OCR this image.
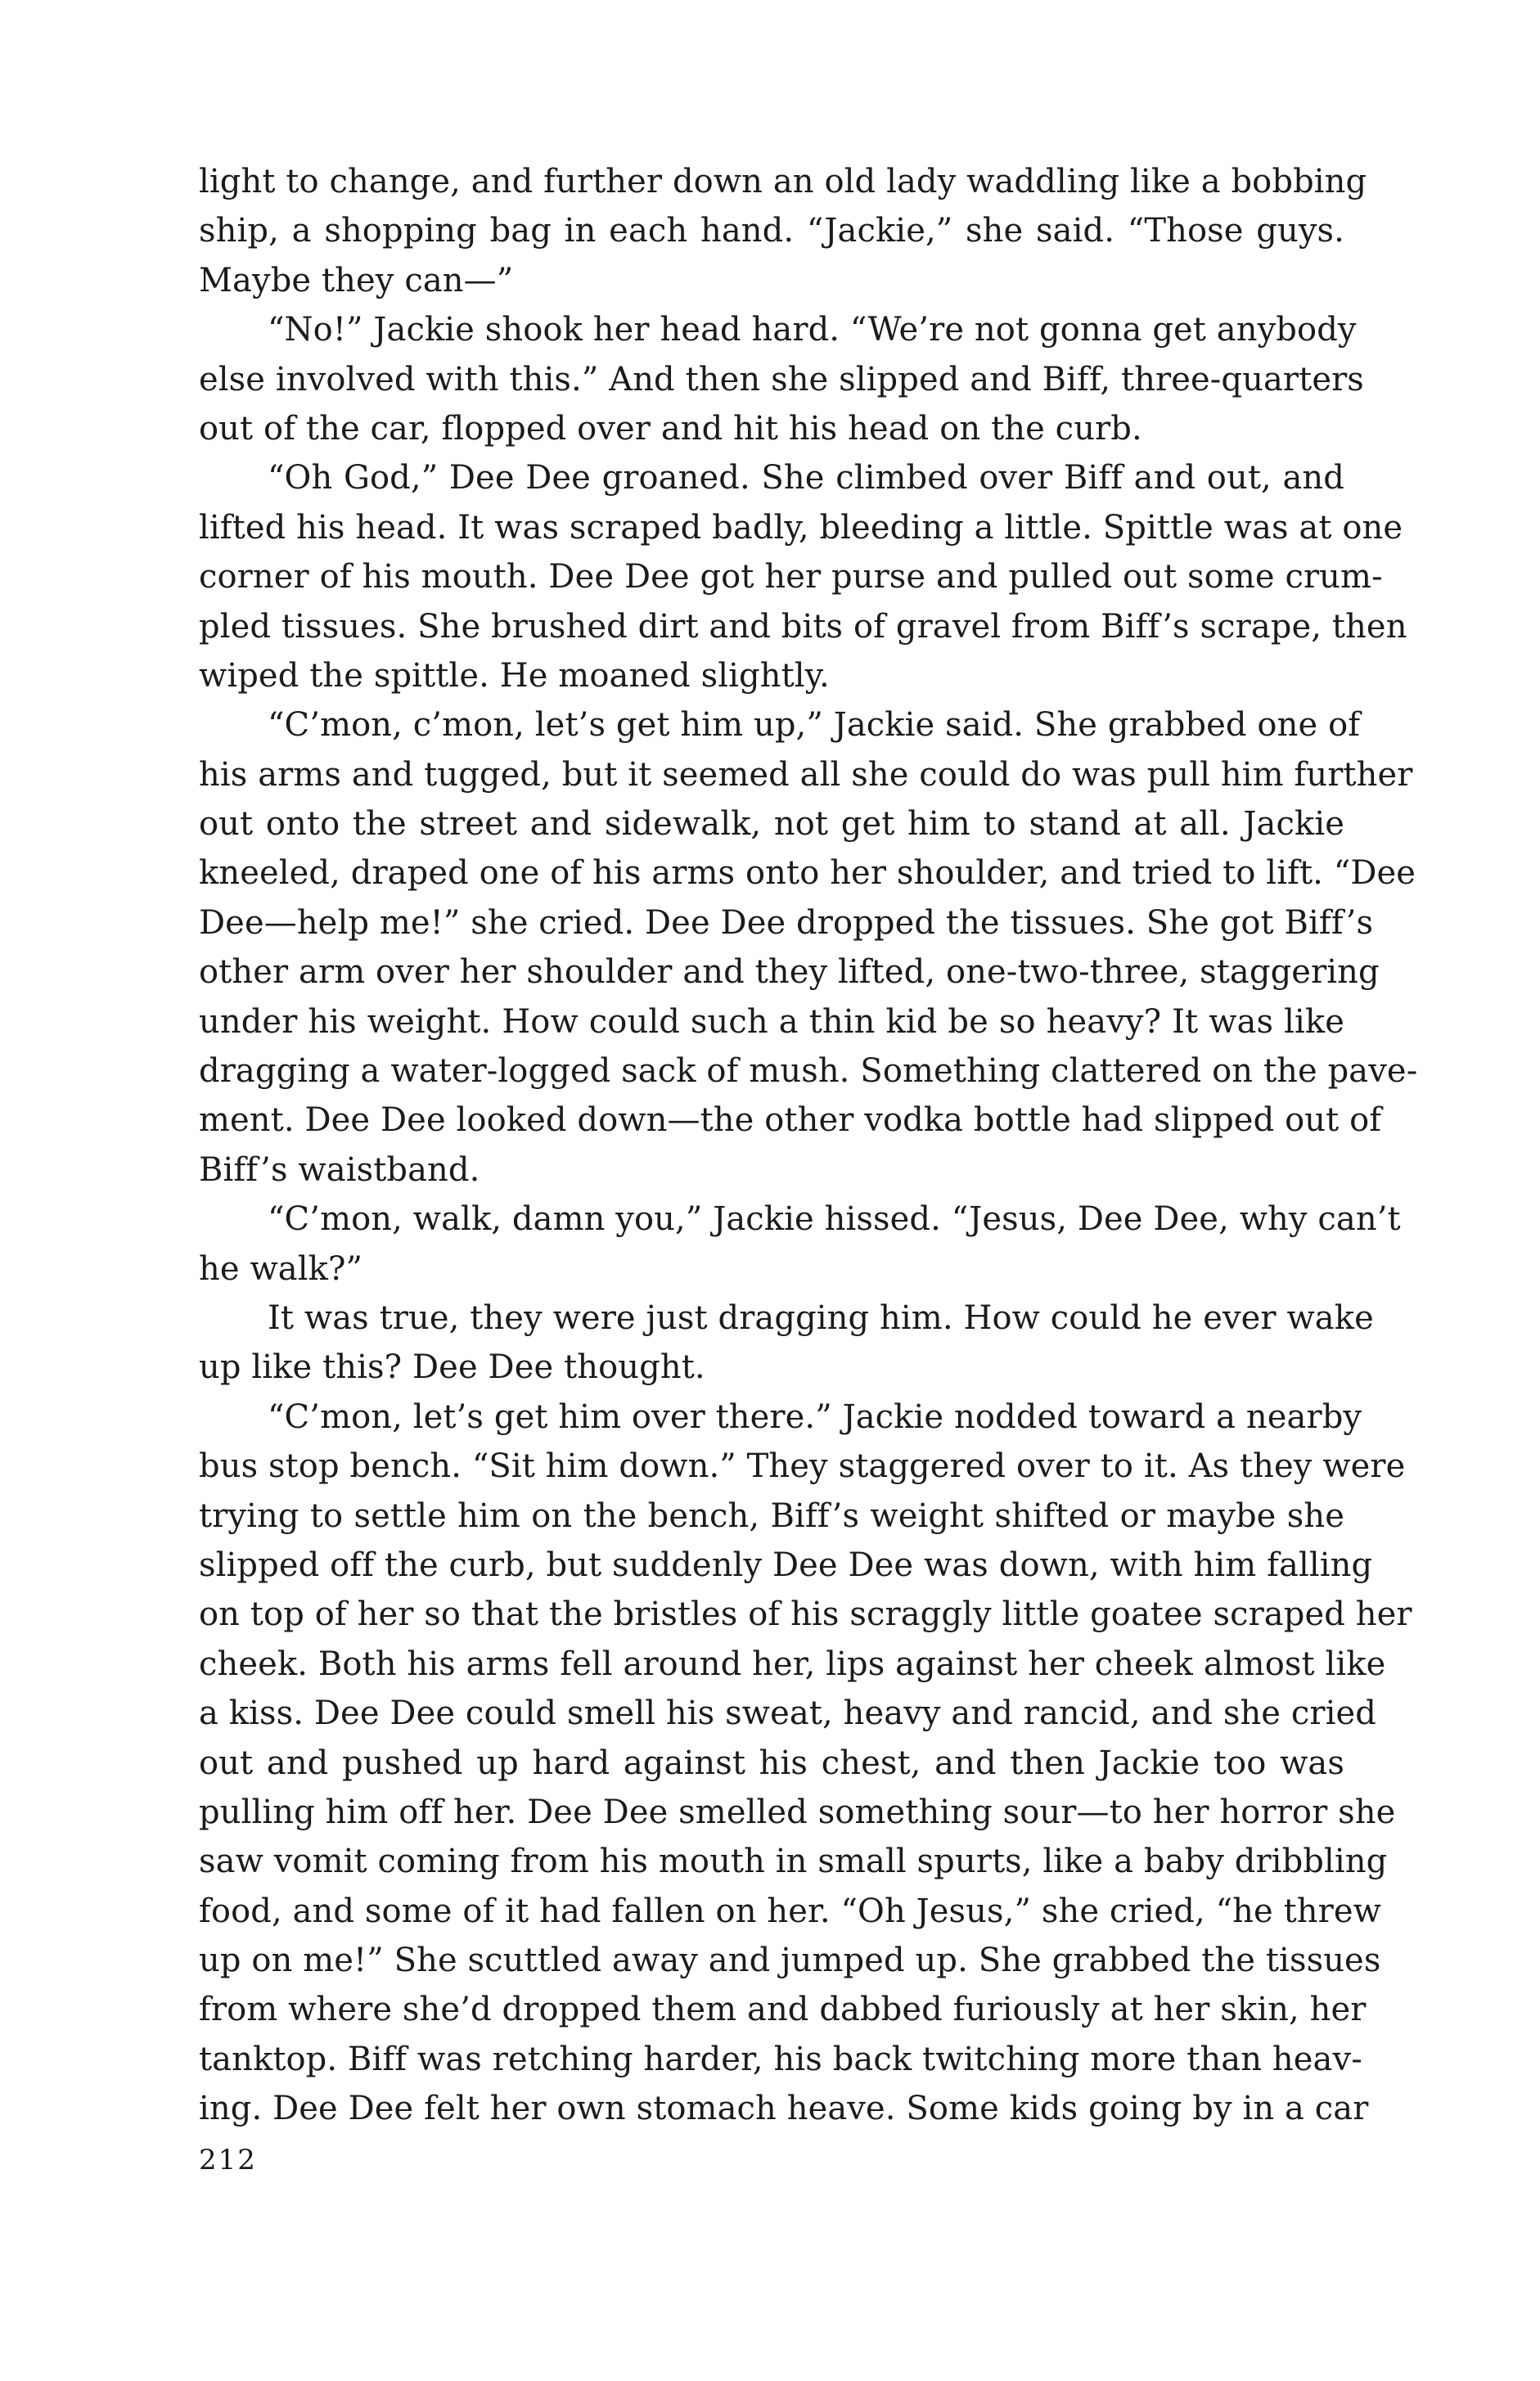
light to change, and further down an old lady waddling like a bobbing
ship, a shopping bag in each hand. “Jackie,” she said. “Those guys.
Maybe they can—”
“No!” Jackie shook her head hard. “We’re not gonna get anybody
else involved with this.” And then she slipped and Biff, three-quarters
out of the car, flopped over and hit his head on the curb.
“Oh God,” Dee Dee groaned. She climbed over Biff and out, and
lifted his head. It was scraped badly, bleeding a little. Spittle was at one
corner of his mouth. Dee Dee got her purse and pulled out some crum-
pled tissues. She brushed dirt and bits of gravel from Biff’s scrape, then
wiped the spittle. He moaned slightly.
“C’mon, c’mon, let’s get him up,” Jackie said. She grabbed one of
his arms and tugged, but it seemed all she could do was pull him further
out onto the street and sidewalk, not get him to stand at all. Jackie
kneeled, draped one of his arms onto her shoulder, and tried to lift. “Dee
Dee—help me!” she cried. Dee Dee dropped the tissues. She got Biff’s
other arm over her shoulder and they lifted, one-two-three, staggering
under his weight. How could such a thin kid be so heavy? It was like
dragging a water-logged sack of mush. Something clattered on the pave-
ment. Dee Dee looked down—the other vodka bottle had slipped out of
Biff’s waistband.
“C’mon, walk, damn you,” Jackie hissed. “Jesus, Dee Dee, why can’t
he walk?”
It was true, they were just dragging him. How could he ever wake
up like this? Dee Dee thought.
“C’mon, let’s get him over there.” Jackie nodded toward a nearby
bus stop bench. “Sit him down.” They staggered over to it. As they were
trying to settle him on the bench, Biff’s weight shifted or maybe she
slipped off the curb, but suddenly Dee Dee was down, with him falling
on top of her so that the bristles of his scraggly little goatee scraped her
cheek. Both his arms fell around her, lips against her cheek almost like
a kiss. Dee Dee could smell his sweat, heavy and rancid, and she cried
out and pushed up hard against his chest, and then Jackie too was
pulling him off her. Dee Dee smelled something sour—to her horror she
saw vomit coming from his mouth in small spurts, like a baby dribbling
food, and some of it had fallen on her. “Oh Jesus,” she cried, “he threw
up on me!” She scuttled away and jumped up. She grabbed the tissues
from where she’d dropped them and dabbed furiously at her skin, her
tanktop. Biff was retching harder, his back twitching more than heav-
ing. Dee Dee felt her own stomach heave. Some kids going by in a car
212
